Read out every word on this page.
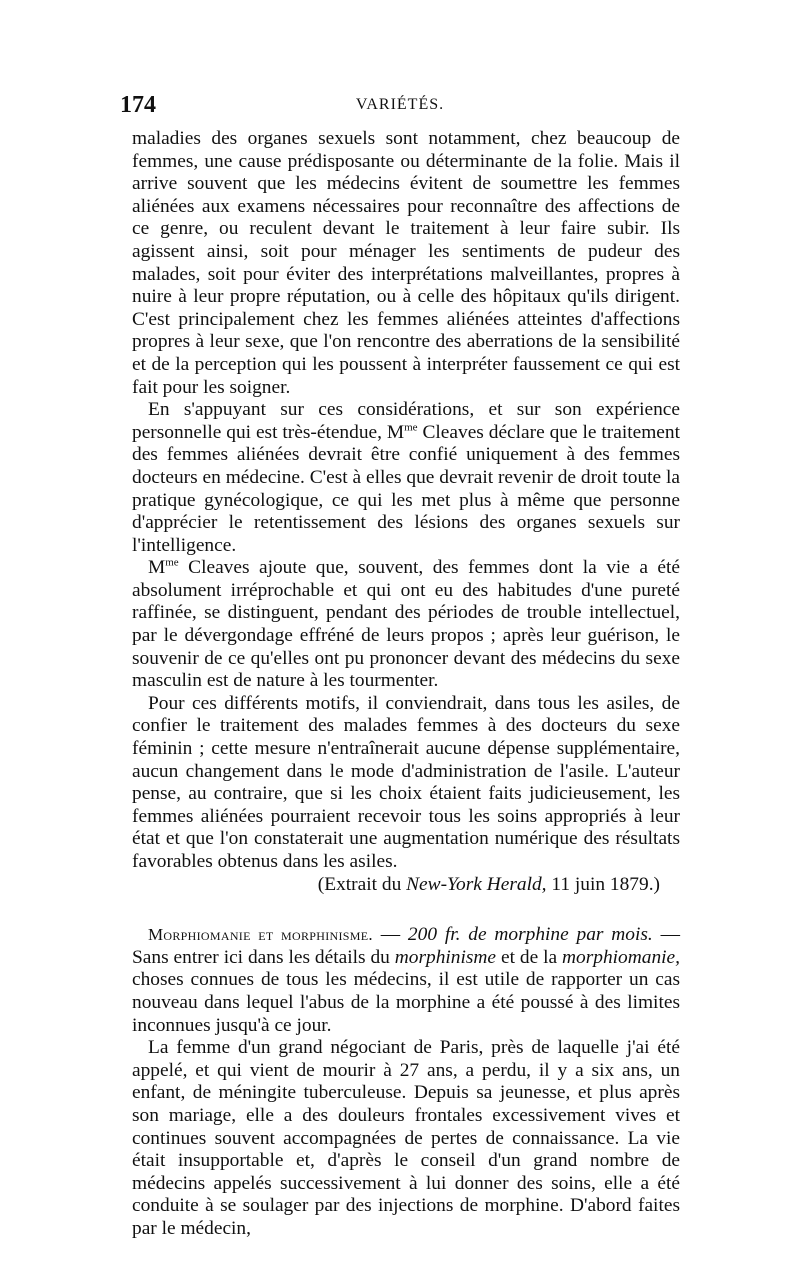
174	VARIÉTÉS.

maladies des organes sexuels sont notamment, chez beaucoup de femmes, une cause prédisposante ou déterminante de la folie. Mais il arrive souvent que les médecins évitent de soumettre les femmes aliénées aux examens nécessaires pour reconnaître des affections de ce genre, ou reculent devant le traitement à leur faire subir. Ils agissent ainsi, soit pour ménager les sentiments de pudeur des malades, soit pour éviter des interprétations malveillantes, propres à nuire à leur propre réputation, ou à celle des hôpitaux qu'ils dirigent. C'est principalement chez les femmes aliénées atteintes d'affections propres à leur sexe, que l'on rencontre des aberrations de la sensibilité et de la perception qui les poussent à interpréter faussement ce qui est fait pour les soigner.

En s'appuyant sur ces considérations, et sur son expérience personnelle qui est très-étendue, $M^{me}$ Cleaves déclare que le traitement des femmes aliénées devrait être confié uniquement à des femmes docteurs en médecine. C'est à elles que devrait revenir de droit toute la pratique gynécologique, ce qui les met plus à même que personne d'apprécier le retentissement des lésions des organes sexuels sur l'intelligence.

$M^{me}$ Cleaves ajoute que, souvent, des femmes dont la vie a été absolument irréprochable et qui ont eu des habitudes d'une pureté raffinée, se distinguent, pendant des périodes de trouble intellectuel, par le dévergondage effréné de leurs propos ; après leur guérison, le souvenir de ce qu'elles ont pu prononcer devant des médecins du sexe masculin est de nature à les tourmenter.

Pour ces différents motifs, il conviendrait, dans tous les asiles, de confier le traitement des malades femmes à des docteurs du sexe féminin ; cette mesure n'entraînerait aucune dépense supplémentaire, aucun changement dans le mode d'administration de l'asile. L'auteur pense, au contraire, que si les choix étaient faits judicieusement, les femmes aliénées pourraient recevoir tous les soins appropriés à leur état et que l'on constaterait une augmentation numérique des résultats favorables obtenus dans les asiles.

(Extrait du New-York Herald, 11 juin 1879.)

Morphiomanie et morphinisme. — 200 fr. de morphine par mois. — Sans entrer ici dans les détails du morphinisme et de la morphiomanie, choses connues de tous les médecins, il est utile de rapporter un cas nouveau dans lequel l'abus de la morphine a été poussé à des limites inconnues jusqu'à ce jour.

La femme d'un grand négociant de Paris, près de laquelle j'ai été appelé, et qui vient de mourir à 27 ans, a perdu, il y a six ans, un enfant, de méningite tuberculeuse. Depuis sa jeunesse, et plus après son mariage, elle a des douleurs frontales excessivement vives et continues souvent accompagnées de pertes de connaissance. La vie était insupportable et, d'après le conseil d'un grand nombre de médecins appelés successivement à lui donner des soins, elle a été conduite à se soulager par des injections de morphine. D'abord faites par le médecin,
